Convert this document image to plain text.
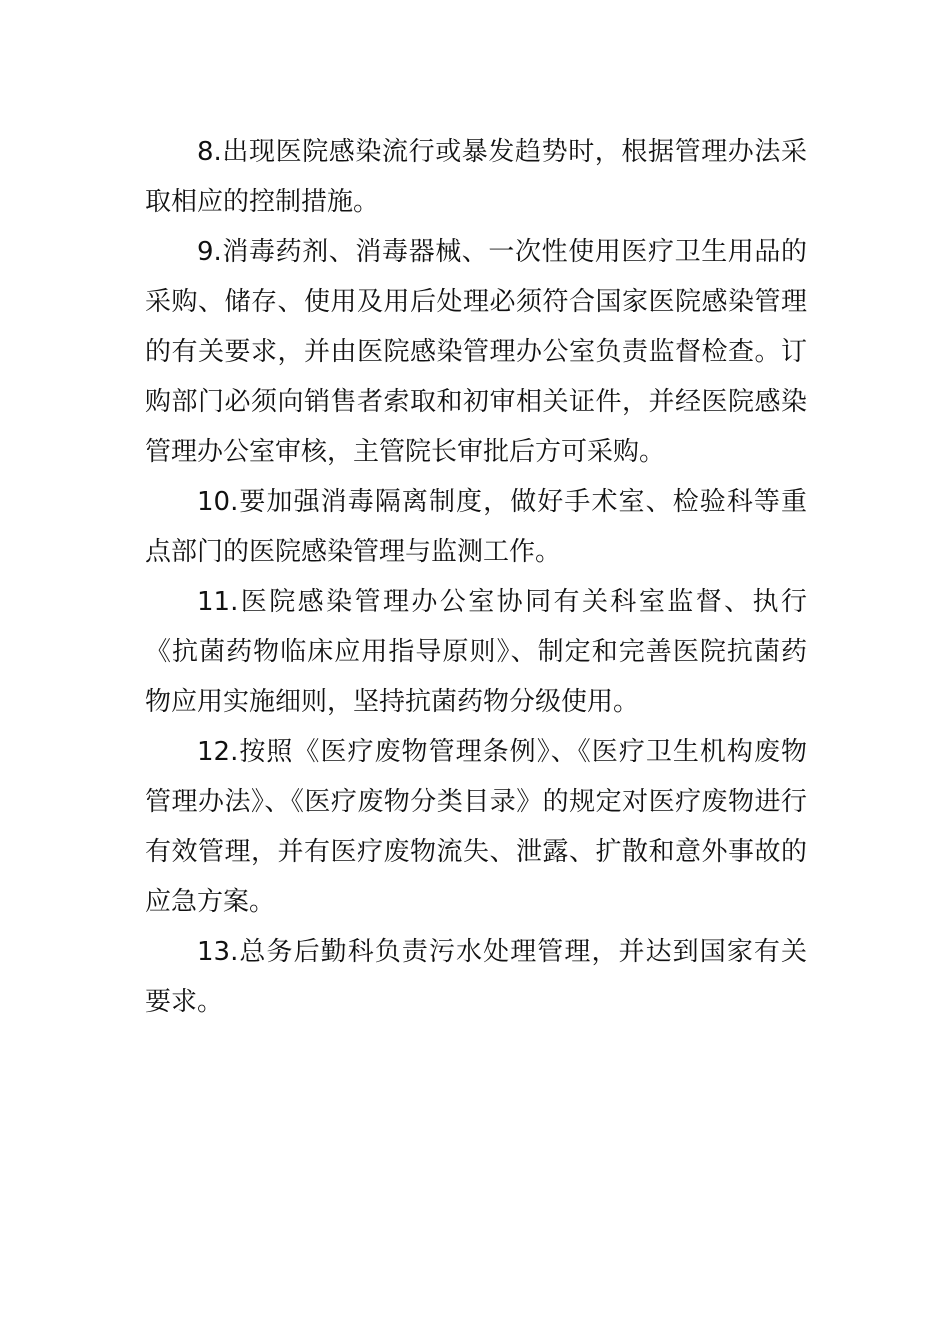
8.出现医院感染流行或暴发趋势时，根据管理办法采取相应的控制措施。

9.消毒药剂、消毒器械、一次性使用医疗卫生用品的采购、储存、使用及用后处理必须符合国家医院感染管理的有关要求，并由医院感染管理办公室负责监督检查。订购部门必须向销售者索取和初审相关证件，并经医院感染管理办公室审核，主管院长审批后方可采购。

10.要加强消毒隔离制度，做好手术室、检验科等重点部门的医院感染管理与监测工作。

11.医院感染管理办公室协同有关科室监督、执行《抗菌药物临床应用指导原则》、制定和完善医院抗菌药物应用实施细则，坚持抗菌药物分级使用。

12.按照《医疗废物管理条例》、《医疗卫生机构废物管理办法》、《医疗废物分类目录》的规定对医疗废物进行有效管理，并有医疗废物流失、泄露、扩散和意外事故的应急方案。

13.总务后勤科负责污水处理管理，并达到国家有关要求。
